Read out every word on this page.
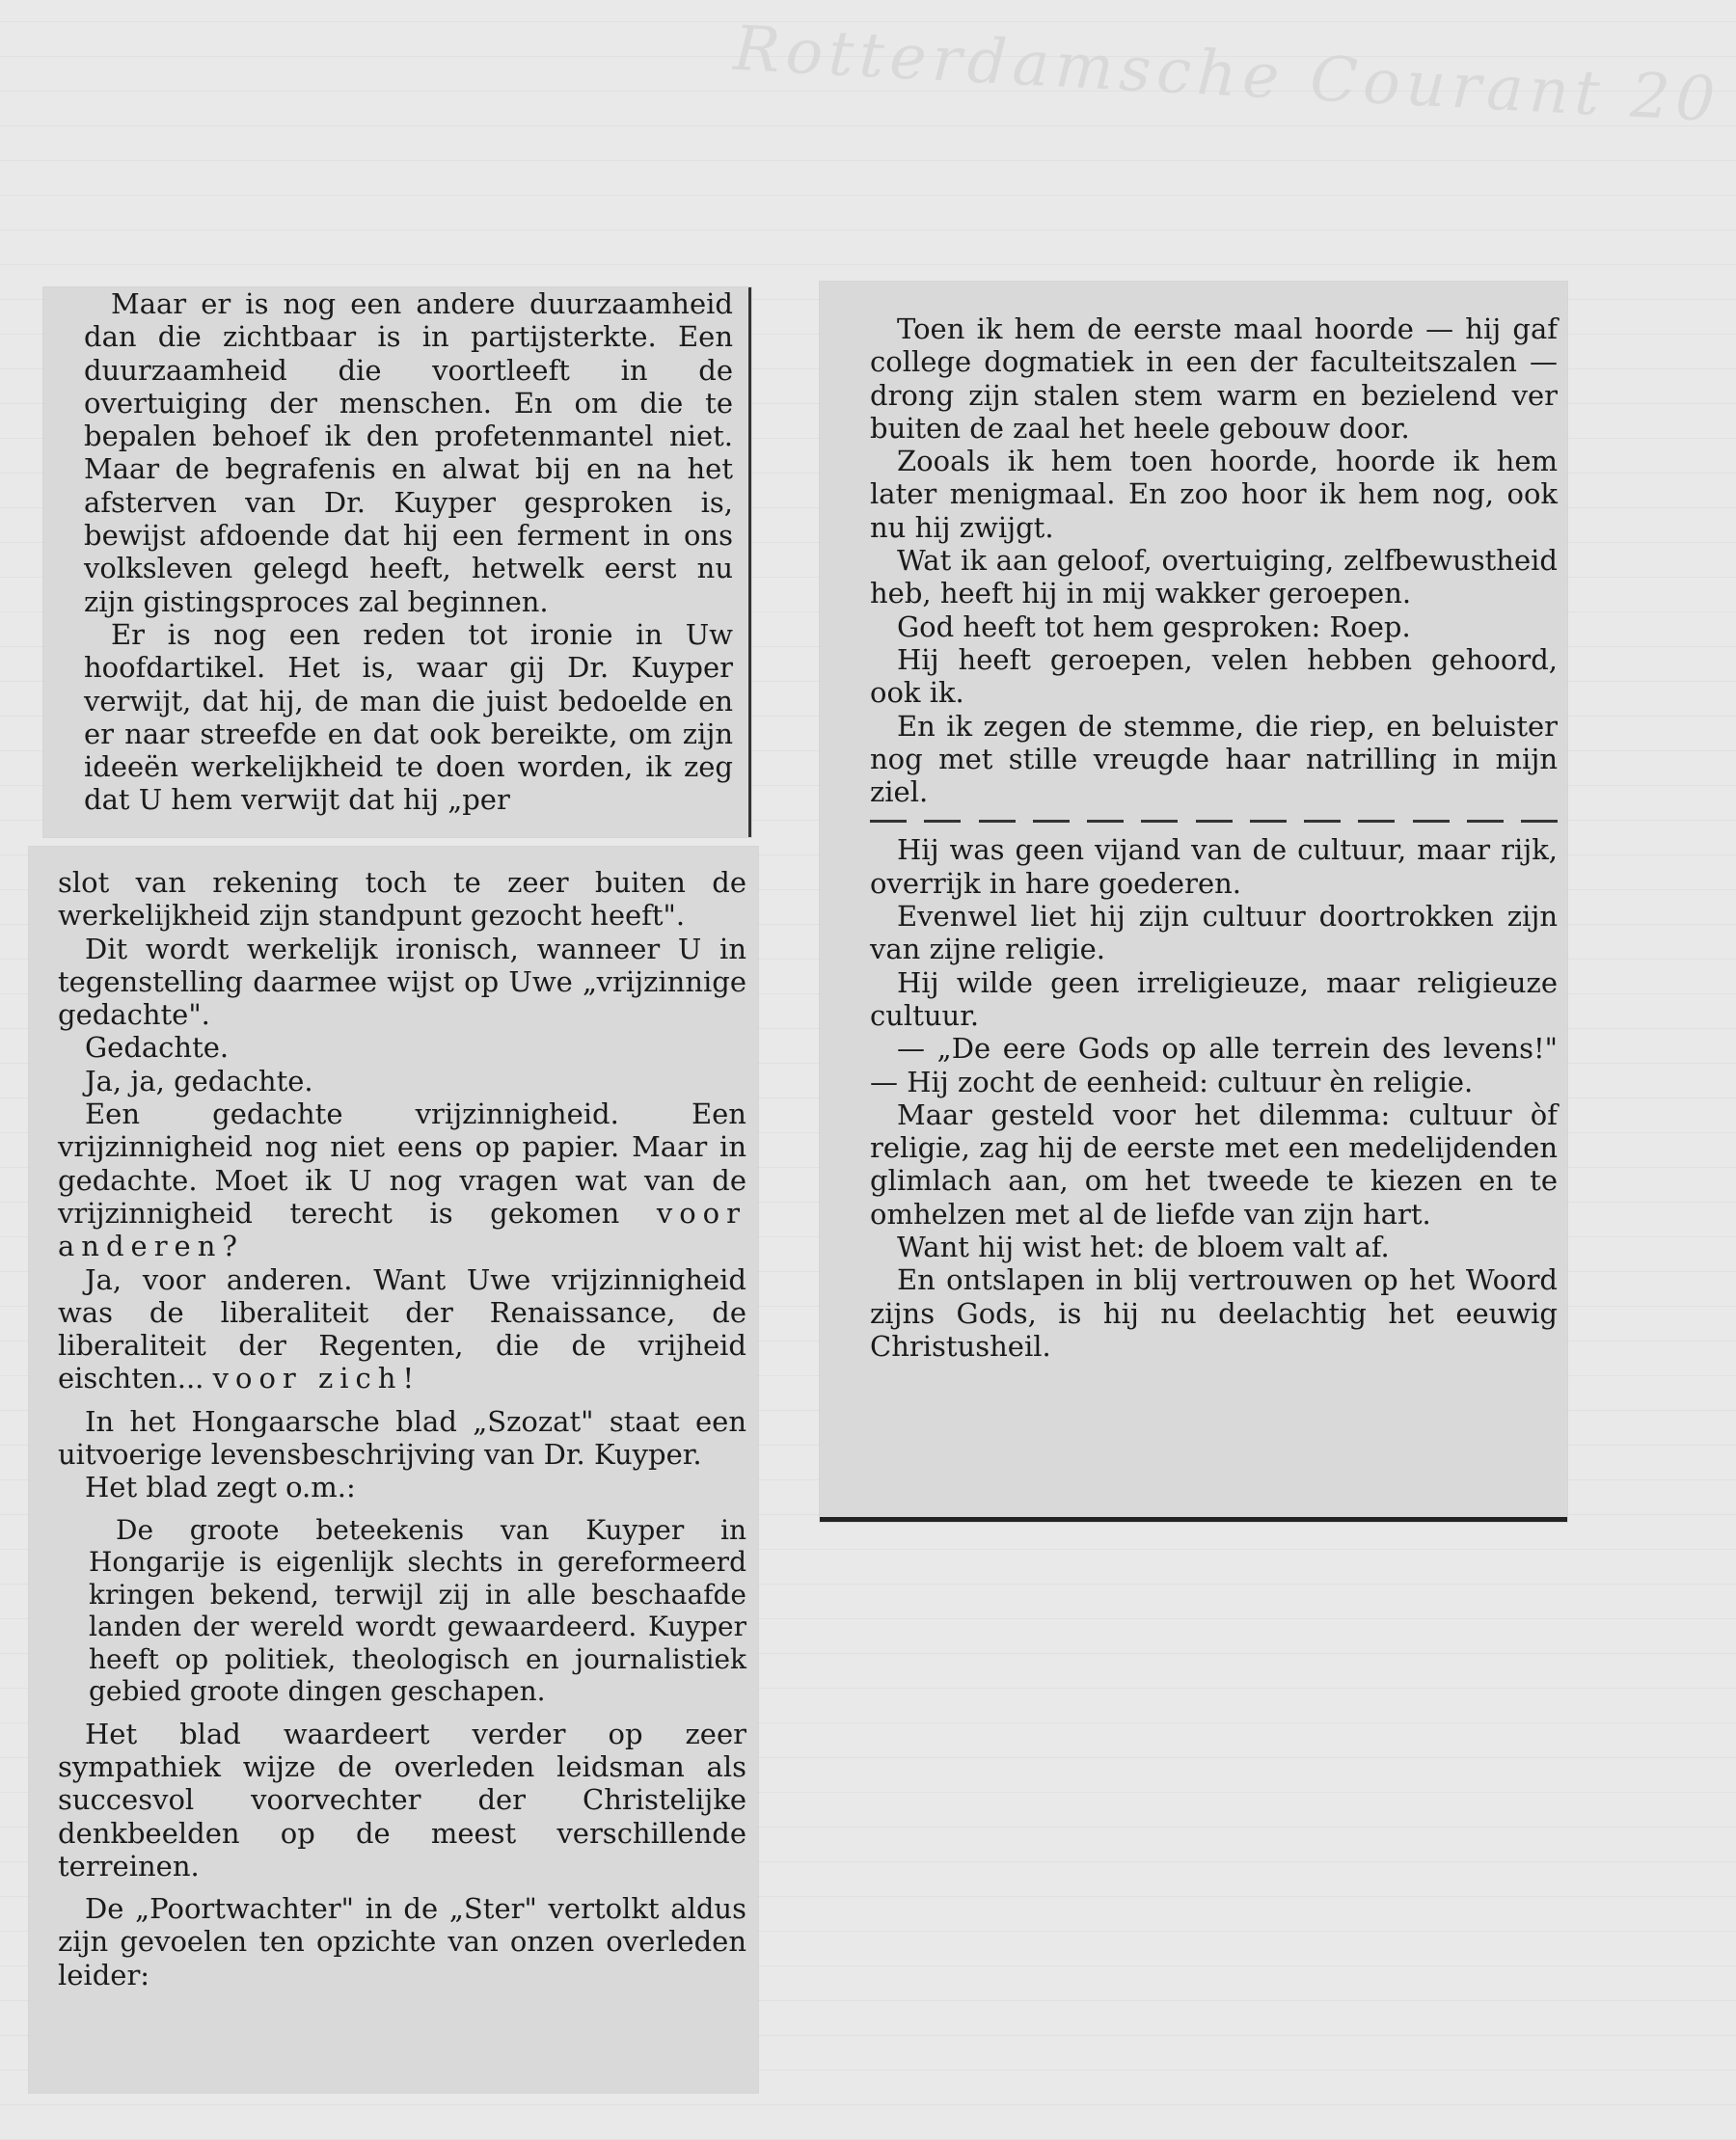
Rotterdamsche Courant 20

Maar er is nog een andere duurzaamheid dan die zichtbaar is in partijsterkte. Een duurzaamheid die voortleeft in de overtuiging der menschen. En om die te bepalen behoef ik den profetenmantel niet. Maar de begrafenis en alwat bij en na het afsterven van Dr. Kuyper gesproken is, bewijst afdoende dat hij een ferment in ons volksleven gelegd heeft, hetwelk eerst nu zijn gistingsproces zal beginnen.

Er is nog een reden tot ironie in Uw hoofdartikel. Het is, waar gij Dr. Kuyper verwijt, dat hij, de man die juist bedoelde en er naar streefde en dat ook bereikte, om zijn ideeën werkelijkheid te doen worden, ik zeg dat U hem verwijt dat hij „per

slot van rekening toch te zeer buiten de werkelijkheid zijn standpunt gezocht heeft".

Dit wordt werkelijk ironisch, wanneer U in tegenstelling daarmee wijst op Uwe „vrijzinnige gedachte".

Gedachte.

Ja, ja, gedachte.

Een gedachte vrijzinnigheid. Een vrijzinnigheid nog niet eens op papier. Maar in gedachte. Moet ik U nog vragen wat van de vrijzinnigheid terecht is gekomen voor anderen?

Ja, voor anderen. Want Uwe vrijzinnigheid was de liberaliteit der Renaissance, de liberaliteit der Regenten, die de vrijheid eischten... voor zich!

In het Hongaarsche blad „Szozat" staat een uitvoerige levensbeschrijving van Dr. Kuyper.

Het blad zegt o.m.:

De groote beteekenis van Kuyper in Hongarije is eigenlijk slechts in gereformeerd kringen bekend, terwijl zij in alle beschaafde landen der wereld wordt gewaardeerd. Kuyper heeft op politiek, theologisch en journalistiek gebied groote dingen geschapen.

Het blad waardeert verder op zeer sympathiek wijze de overleden leidsman als succesvol voorvechter der Christelijke denkbeelden op de meest verschillende terreinen.

De „Poortwachter" in de „Ster" vertolkt aldus zijn gevoelen ten opzichte van onzen overleden leider:

Toen ik hem de eerste maal hoorde — hij gaf college dogmatiek in een der faculteitszalen — drong zijn stalen stem warm en bezielend ver buiten de zaal het heele gebouw door.

Zooals ik hem toen hoorde, hoorde ik hem later menigmaal. En zoo hoor ik hem nog, ook nu hij zwijgt.

Wat ik aan geloof, overtuiging, zelfbewustheid heb, heeft hij in mij wakker geroepen.

God heeft tot hem gesproken: Roep.

Hij heeft geroepen, velen hebben gehoord, ook ik.

En ik zegen de stemme, die riep, en beluister nog met stille vreugde haar natrilling in mijn ziel.

Hij was geen vijand van de cultuur, maar rijk, overrijk in hare goederen.

Evenwel liet hij zijn cultuur doortrokken zijn van zijne religie.

Hij wilde geen irreligieuze, maar religieuze cultuur.

— „De eere Gods op alle terrein des levens!" — Hij zocht de eenheid: cultuur èn religie.

Maar gesteld voor het dilemma: cultuur òf religie, zag hij de eerste met een medelijdenden glimlach aan, om het tweede te kiezen en te omhelzen met al de liefde van zijn hart.

Want hij wist het: de bloem valt af.

En ontslapen in blij vertrouwen op het Woord zijns Gods, is hij nu deelachtig het eeuwig Christusheil.
